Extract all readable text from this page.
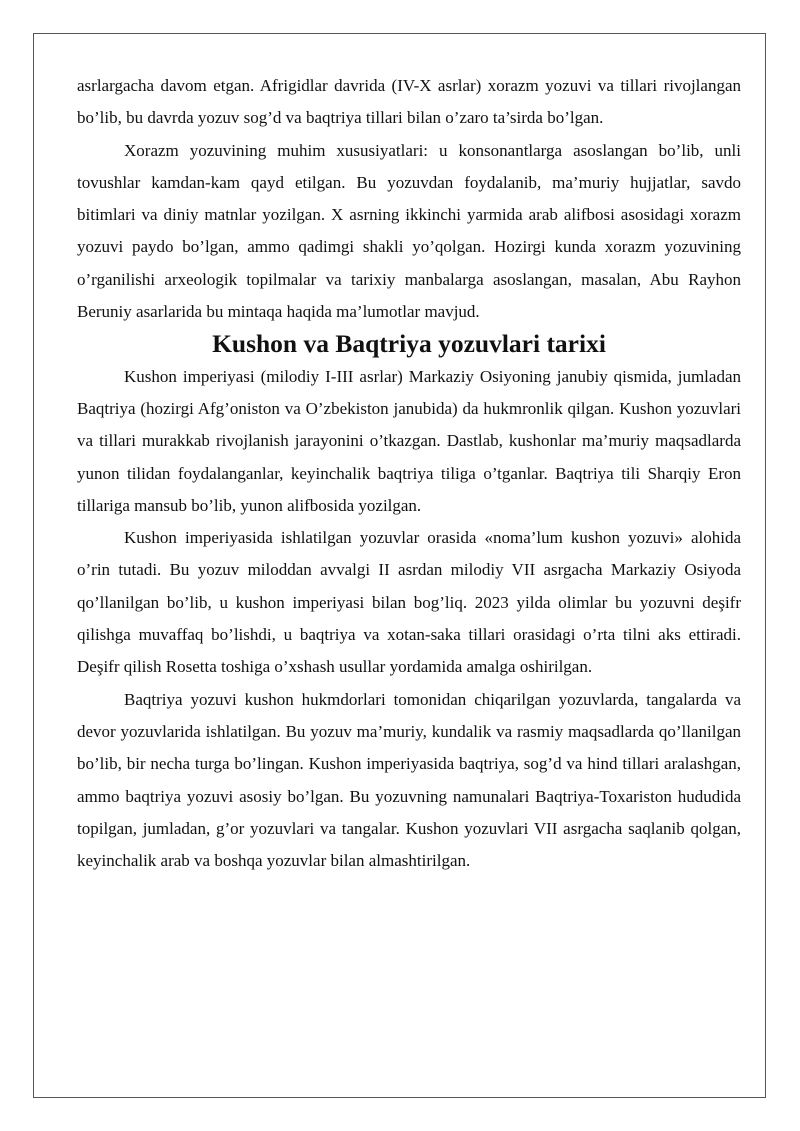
asrlargacha davom etgan. Afrigidlar davrida (IV-X asrlar) xorazm yozuvi va tillari rivojlangan bo’lib, bu davrda yozuv sog’d va baqtriya tillari bilan o’zaro ta’sirda bo’lgan.

Xorazm yozuvining muhim xususiyatlari: u konsonantlarga asoslangan bo’lib, unli tovushlar kamdan-kam qayd etilgan. Bu yozuvdan foydalanib, ma’muriy hujjatlar, savdo bitimlari va diniy matnlar yozilgan. X asrning ikkinchi yarmida arab alifbosi asosidagi xorazm yozuvi paydo bo’lgan, ammo qadimgi shakli yo’qolgan. Hozirgi kunda xorazm yozuvining o’rganilishi arxeologik topilmalar va tarixiy manbalarga asoslangan, masalan, Abu Rayhon Beruniy asarlarida bu mintaqa haqida ma’lumotlar mavjud.

Kushon va Baqtriya yozuvlari tarixi

Kushon imperiyasi (milodiy I-III asrlar) Markaziy Osiyoning janubiy qismida, jumladan Baqtriya (hozirgi Afg’oniston va O’zbekiston janubida) da hukmronlik qilgan. Kushon yozuvlari va tillari murakkab rivojlanish jarayonini o’tkazgan. Dastlab, kushonlar ma’muriy maqsadlarda yunon tilidan foydalanganlar, keyinchalik baqtriya tiliga o’tganlar. Baqtriya tili Sharqiy Eron tillariga mansub bo’lib, yunon alifbosida yozilgan.

Kushon imperiyasida ishlatilgan yozuvlar orasida «noma’lum kushon yozuvi» alohida o’rin tutadi. Bu yozuv miloddan avvalgi II asrdan milodiy VII asrgacha Markaziy Osiyoda qo’llanilgan bo’lib, u kushon imperiyasi bilan bog’liq. 2023 yilda olimlar bu yozuvni deşifr qilishga muvaffaq bo’lishdi, u baqtriya va xotan-saka tillari orasidagi o’rta tilni aks ettiradi. Deşifr qilish Rosetta toshiga o’xshash usullar yordamida amalga oshirilgan.

Baqtriya yozuvi kushon hukmdorlari tomonidan chiqarilgan yozuvlarda, tangalarda va devor yozuvlarida ishlatilgan. Bu yozuv ma’muriy, kundalik va rasmiy maqsadlarda qo’llanilgan bo’lib, bir necha turga bo’lingan. Kushon imperiyasida baqtriya, sog’d va hind tillari aralashgan, ammo baqtriya yozuvi asosiy bo’lgan. Bu yozuvning namunalari Baqtriya-Toxariston hududida topilgan, jumladan, g’or yozuvlari va tangalar. Kushon yozuvlari VII asrgacha saqlanib qolgan, keyinchalik arab va boshqa yozuvlar bilan almashtirilgan.
